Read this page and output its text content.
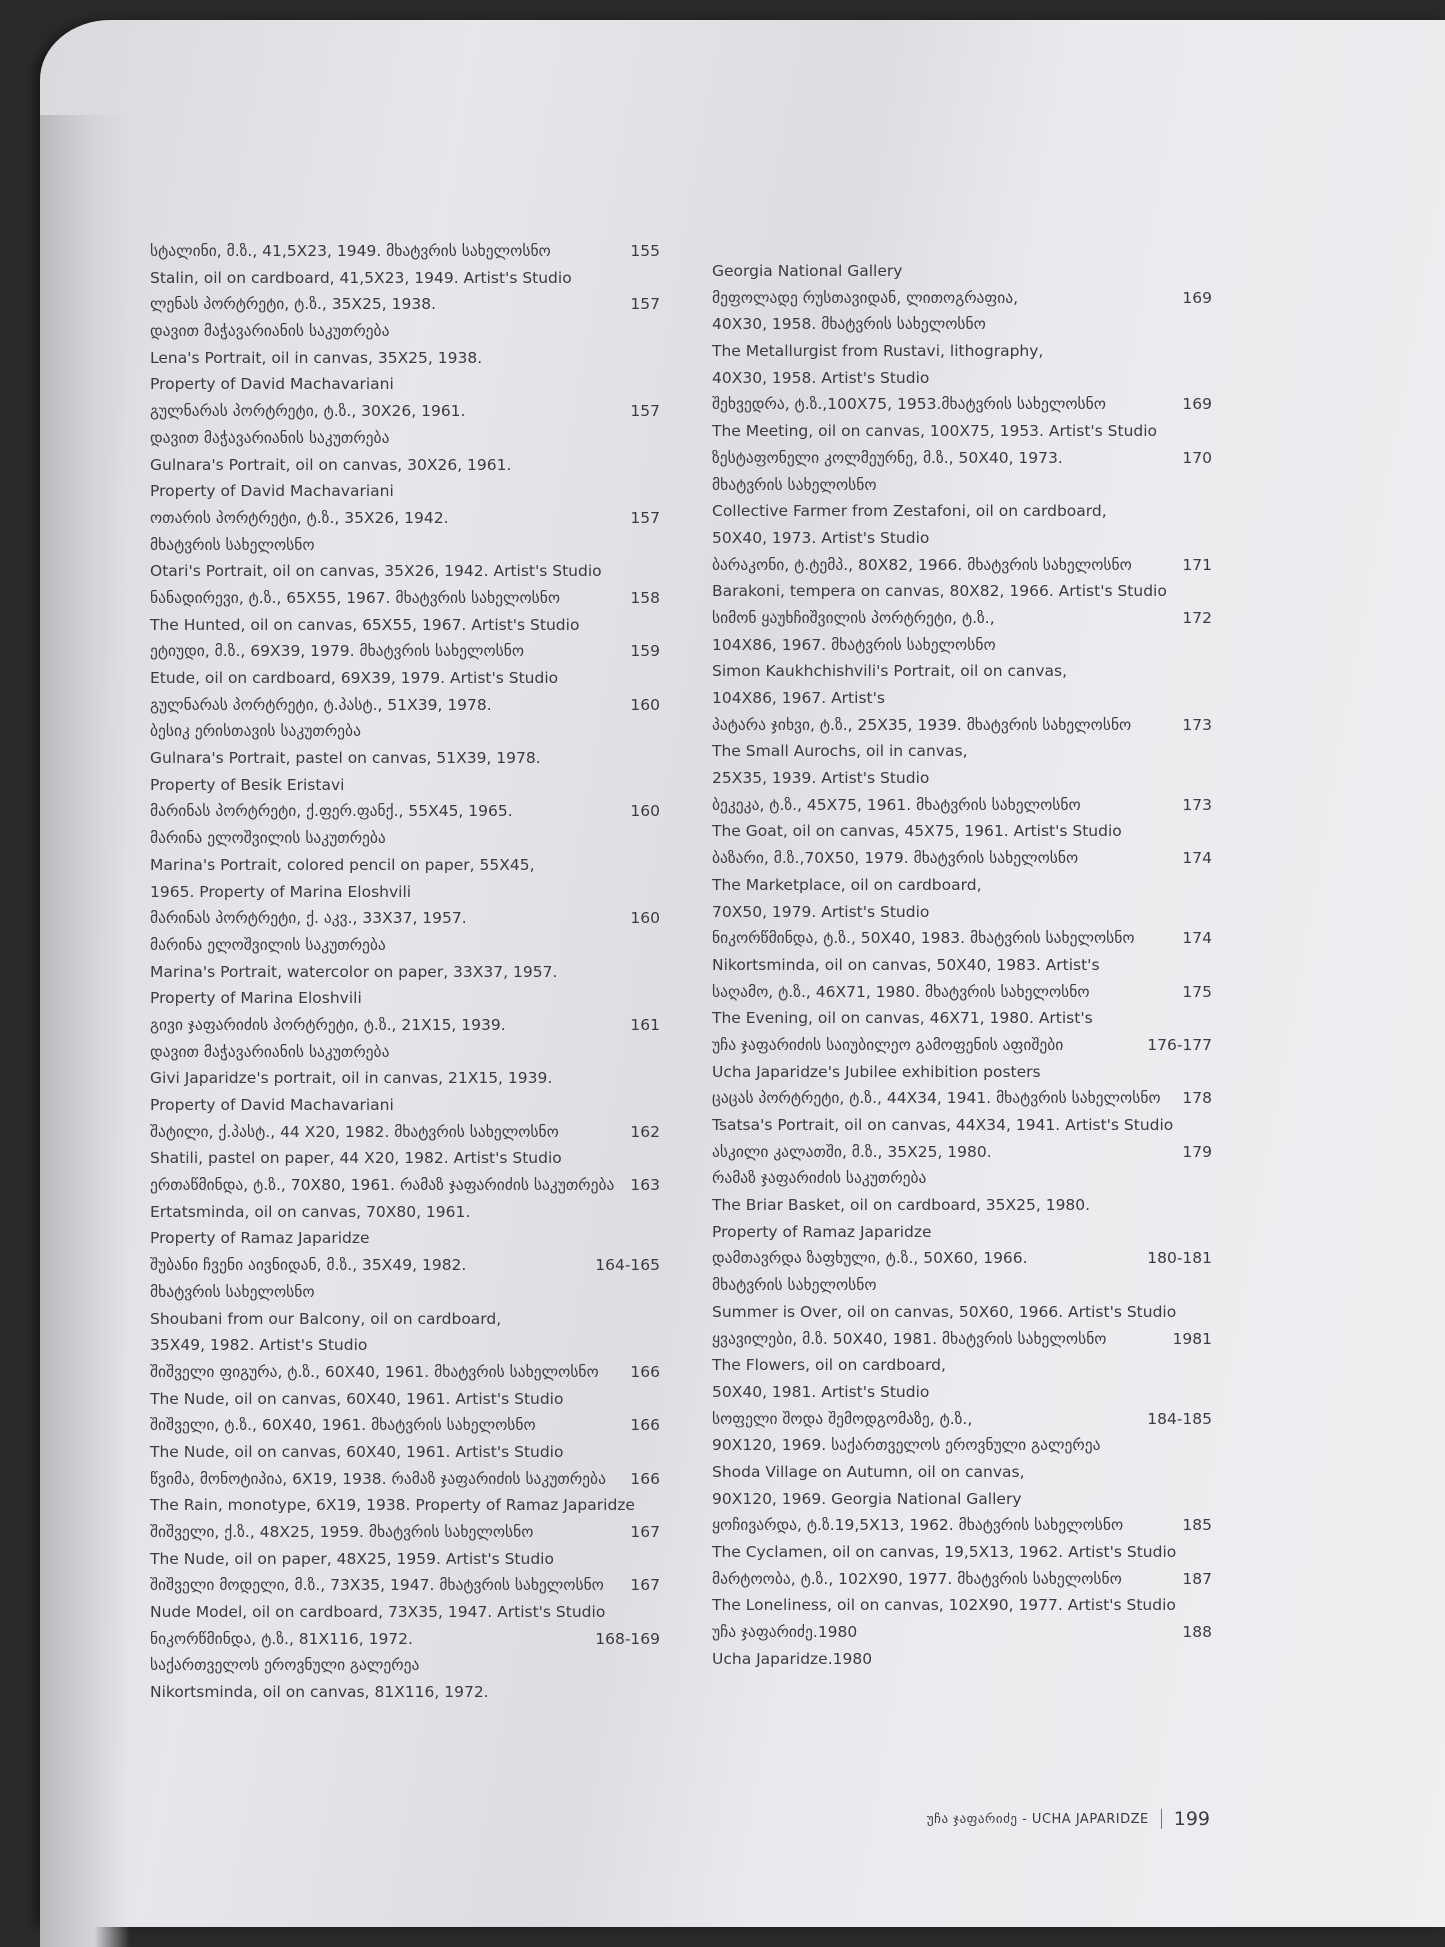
სტალინი, მ.ზ., 41,5X23, 1949. მხატვრის სახელოსნო
Stalin, oil on cardboard, 41,5X23, 1949. Artist's Studio
155
ლენას პორტრეტი, ტ.ზ., 35X25, 1938.
დავით მაჭავარიანის საკუთრება
Lena's Portrait, oil in canvas, 35X25, 1938.
Property of David Machavariani
157
გულნარას პორტრეტი, ტ.ზ., 30X26, 1961.
დავით მაჭავარიანის საკუთრება
Gulnara's Portrait, oil on canvas, 30X26, 1961.
Property of David Machavariani
157
ოთარის პორტრეტი, ტ.ზ., 35X26, 1942.
მხატვრის სახელოსნო
Otari's Portrait, oil on canvas, 35X26, 1942. Artist's Studio
157
ნანადირევი, ტ.ზ., 65X55, 1967. მხატვრის სახელოსნო
The Hunted, oil on canvas, 65X55, 1967. Artist's Studio
158
ეტიუდი, მ.ზ., 69X39, 1979. მხატვრის სახელოსნო
Etude, oil on cardboard, 69X39, 1979. Artist's Studio
159
გულნარას პორტრეტი, ტ.პასტ., 51X39, 1978.
ბესიკ ერისთავის საკუთრება
Gulnara's Portrait, pastel on canvas, 51X39, 1978.
Property of Besik Eristavi
160
მარინას პორტრეტი, ქ.ფერ.ფანქ., 55X45, 1965.
მარინა ელოშვილის საკუთრება
Marina's Portrait, colored pencil on paper, 55X45,
1965. Property of Marina Eloshvili
160
მარინას პორტრეტი, ქ. აკვ., 33X37, 1957.
მარინა ელოშვილის საკუთრება
Marina's Portrait, watercolor on paper, 33X37, 1957.
Property of Marina Eloshvili
160
გივი ჯაფარიძის პორტრეტი, ტ.ზ., 21X15, 1939.
დავით მაჭავარიანის საკუთრება
Givi Japaridze's portrait, oil in canvas, 21X15, 1939.
Property of David Machavariani
161
შატილი, ქ.პასტ., 44 X20, 1982. მხატვრის სახელოსნო
Shatili, pastel on paper, 44 X20, 1982. Artist's Studio
162
ერთაწმინდა, ტ.ზ., 70X80, 1961. რამაზ ჯაფარიძის საკუთრება
Ertatsminda, oil on canvas, 70X80, 1961.
Property of Ramaz Japaridze
163
შუბანი ჩვენი აივნიდან, მ.ზ., 35X49, 1982.
მხატვრის სახელოსნო
Shoubani from our Balcony, oil on cardboard,
35X49, 1982. Artist's Studio
164-165
შიშველი ფიგურა, ტ.ზ., 60X40, 1961. მხატვრის სახელოსნო
The Nude, oil on canvas, 60X40, 1961. Artist's Studio
166
შიშველი, ტ.ზ., 60X40, 1961. მხატვრის სახელოსნო
The Nude, oil on canvas, 60X40, 1961. Artist's Studio
166
წვიმა, მონოტიპია, 6X19, 1938. რამაზ ჯაფარიძის საკუთრება
The Rain, monotype, 6X19, 1938. Property of Ramaz Japaridze
166
შიშველი, ქ.ზ., 48X25, 1959. მხატვრის სახელოსნო
The Nude, oil on paper, 48X25, 1959. Artist's Studio
167
შიშველი მოდელი, მ.ზ., 73X35, 1947. მხატვრის სახელოსნო
Nude Model, oil on cardboard, 73X35, 1947. Artist's Studio
167
ნიკორწმინდა, ტ.ზ., 81X116, 1972.
საქართველოს ეროვნული გალერეა
Nikortsminda, oil on canvas, 81X116, 1972.
168-169
Georgia National Gallery
მეფოლადე რუსთავიდან, ლითოგრაფია,
40X30, 1958. მხატვრის სახელოსნო
The Metallurgist from Rustavi, lithography,
40X30, 1958. Artist's Studio
169
შეხვედრა, ტ.ზ.,100X75, 1953.მხატვრის სახელოსნო
The Meeting, oil on canvas, 100X75, 1953. Artist's Studio
169
ზესტაფონელი კოლმეურნე, მ.ზ., 50X40, 1973.
მხატვრის სახელოსნო
Collective Farmer from Zestafoni, oil on cardboard,
50X40, 1973. Artist's Studio
170
ბარაკონი, ტ.ტემპ., 80X82, 1966. მხატვრის სახელოსნო
Barakoni, tempera on canvas, 80X82, 1966. Artist's Studio
171
სიმონ ყაუხჩიშვილის პორტრეტი, ტ.ზ.,
104X86, 1967. მხატვრის სახელოსნო
Simon Kaukhchishvili's Portrait, oil on canvas,
104X86, 1967. Artist's
172
პატარა ჯიხვი, ტ.ზ., 25X35, 1939. მხატვრის სახელოსნო
The Small Aurochs, oil in canvas,
25X35, 1939. Artist's Studio
173
ბეკეკა, ტ.ზ., 45X75, 1961. მხატვრის სახელოსნო
The Goat, oil on canvas, 45X75, 1961. Artist's Studio
173
ბაზარი, მ.ზ.,70X50, 1979. მხატვრის სახელოსნო
The Marketplace, oil on cardboard,
70X50, 1979. Artist's Studio
174
ნიკორწმინდა, ტ.ზ., 50X40, 1983. მხატვრის სახელოსნო
Nikortsminda, oil on canvas, 50X40, 1983. Artist's
174
საღამო, ტ.ზ., 46X71, 1980. მხატვრის სახელოსნო
The Evening, oil on canvas, 46X71, 1980. Artist's
175
უჩა ჯაფარიძის საიუბილეო გამოფენის აფიშები
Ucha Japaridze's Jubilee exhibition posters
176-177
ცაცას პორტრეტი, ტ.ზ., 44X34, 1941. მხატვრის სახელოსნო
Tsatsa's Portrait, oil on canvas, 44X34, 1941. Artist's Studio
178
ასკილი კალათში, მ.ზ., 35X25, 1980.
რამაზ ჯაფარიძის საკუთრება
The Briar Basket, oil on cardboard, 35X25, 1980.
Property of Ramaz Japaridze
179
დამთავრდა ზაფხული, ტ.ზ., 50X60, 1966.
მხატვრის სახელოსნო
Summer is Over, oil on canvas, 50X60, 1966. Artist's Studio
180-181
ყვავილები, მ.ზ. 50X40, 1981. მხატვრის სახელოსნო
The Flowers, oil on cardboard,
50X40, 1981. Artist's Studio
1981
სოფელი შოდა შემოდგომაზე, ტ.ზ.,
90X120, 1969. საქართველოს ეროვნული გალერეა
Shoda Village on Autumn, oil on canvas,
90X120, 1969. Georgia National Gallery
184-185
ყოჩივარდა, ტ.ზ.19,5X13, 1962. მხატვრის სახელოსნო
The Cyclamen, oil on canvas, 19,5X13, 1962. Artist's Studio
185
მარტოობა, ტ.ზ., 102X90, 1977. მხატვრის სახელოსნო
The Loneliness, oil on canvas, 102X90, 1977. Artist's Studio
187
უჩა ჯაფარიძე.1980
Ucha Japaridze.1980
188
უჩა ჯაფარიძე - UCHA JAPARIDZE 199
